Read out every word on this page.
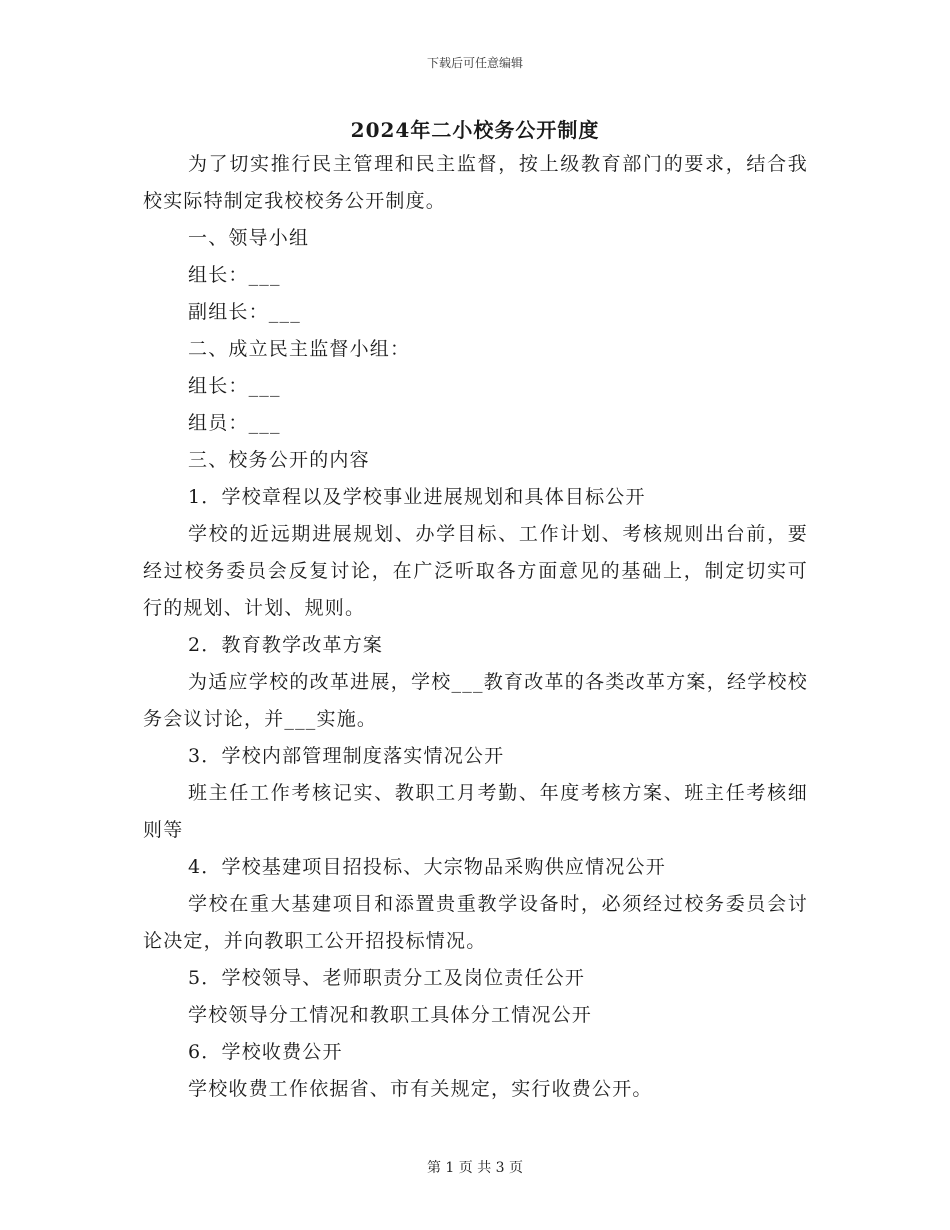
下载后可任意编辑
2024年二小校务公开制度

为了切实推行民主管理和民主监督，按上级教育部门的要求，结合我校实际特制定我校校务公开制度。

一、领导小组

组长：___

副组长：___

二、成立民主监督小组：

组长：___

组员：___

三、校务公开的内容

1．学校章程以及学校事业进展规划和具体目标公开

学校的近远期进展规划、办学目标、工作计划、考核规则出台前，要经过校务委员会反复讨论，在广泛听取各方面意见的基础上，制定切实可行的规划、计划、规则。

2．教育教学改革方案

为适应学校的改革进展，学校___教育改革的各类改革方案，经学校校务会议讨论，并___实施。

3．学校内部管理制度落实情况公开

班主任工作考核记实、教职工月考勤、年度考核方案、班主任考核细则等

4．学校基建项目招投标、大宗物品采购供应情况公开

学校在重大基建项目和添置贵重教学设备时，必须经过校务委员会讨论决定，并向教职工公开招投标情况。

5．学校领导、老师职责分工及岗位责任公开

学校领导分工情况和教职工具体分工情况公开

6．学校收费公开

学校收费工作依据省、市有关规定，实行收费公开。

第 1 页 共 3 页
